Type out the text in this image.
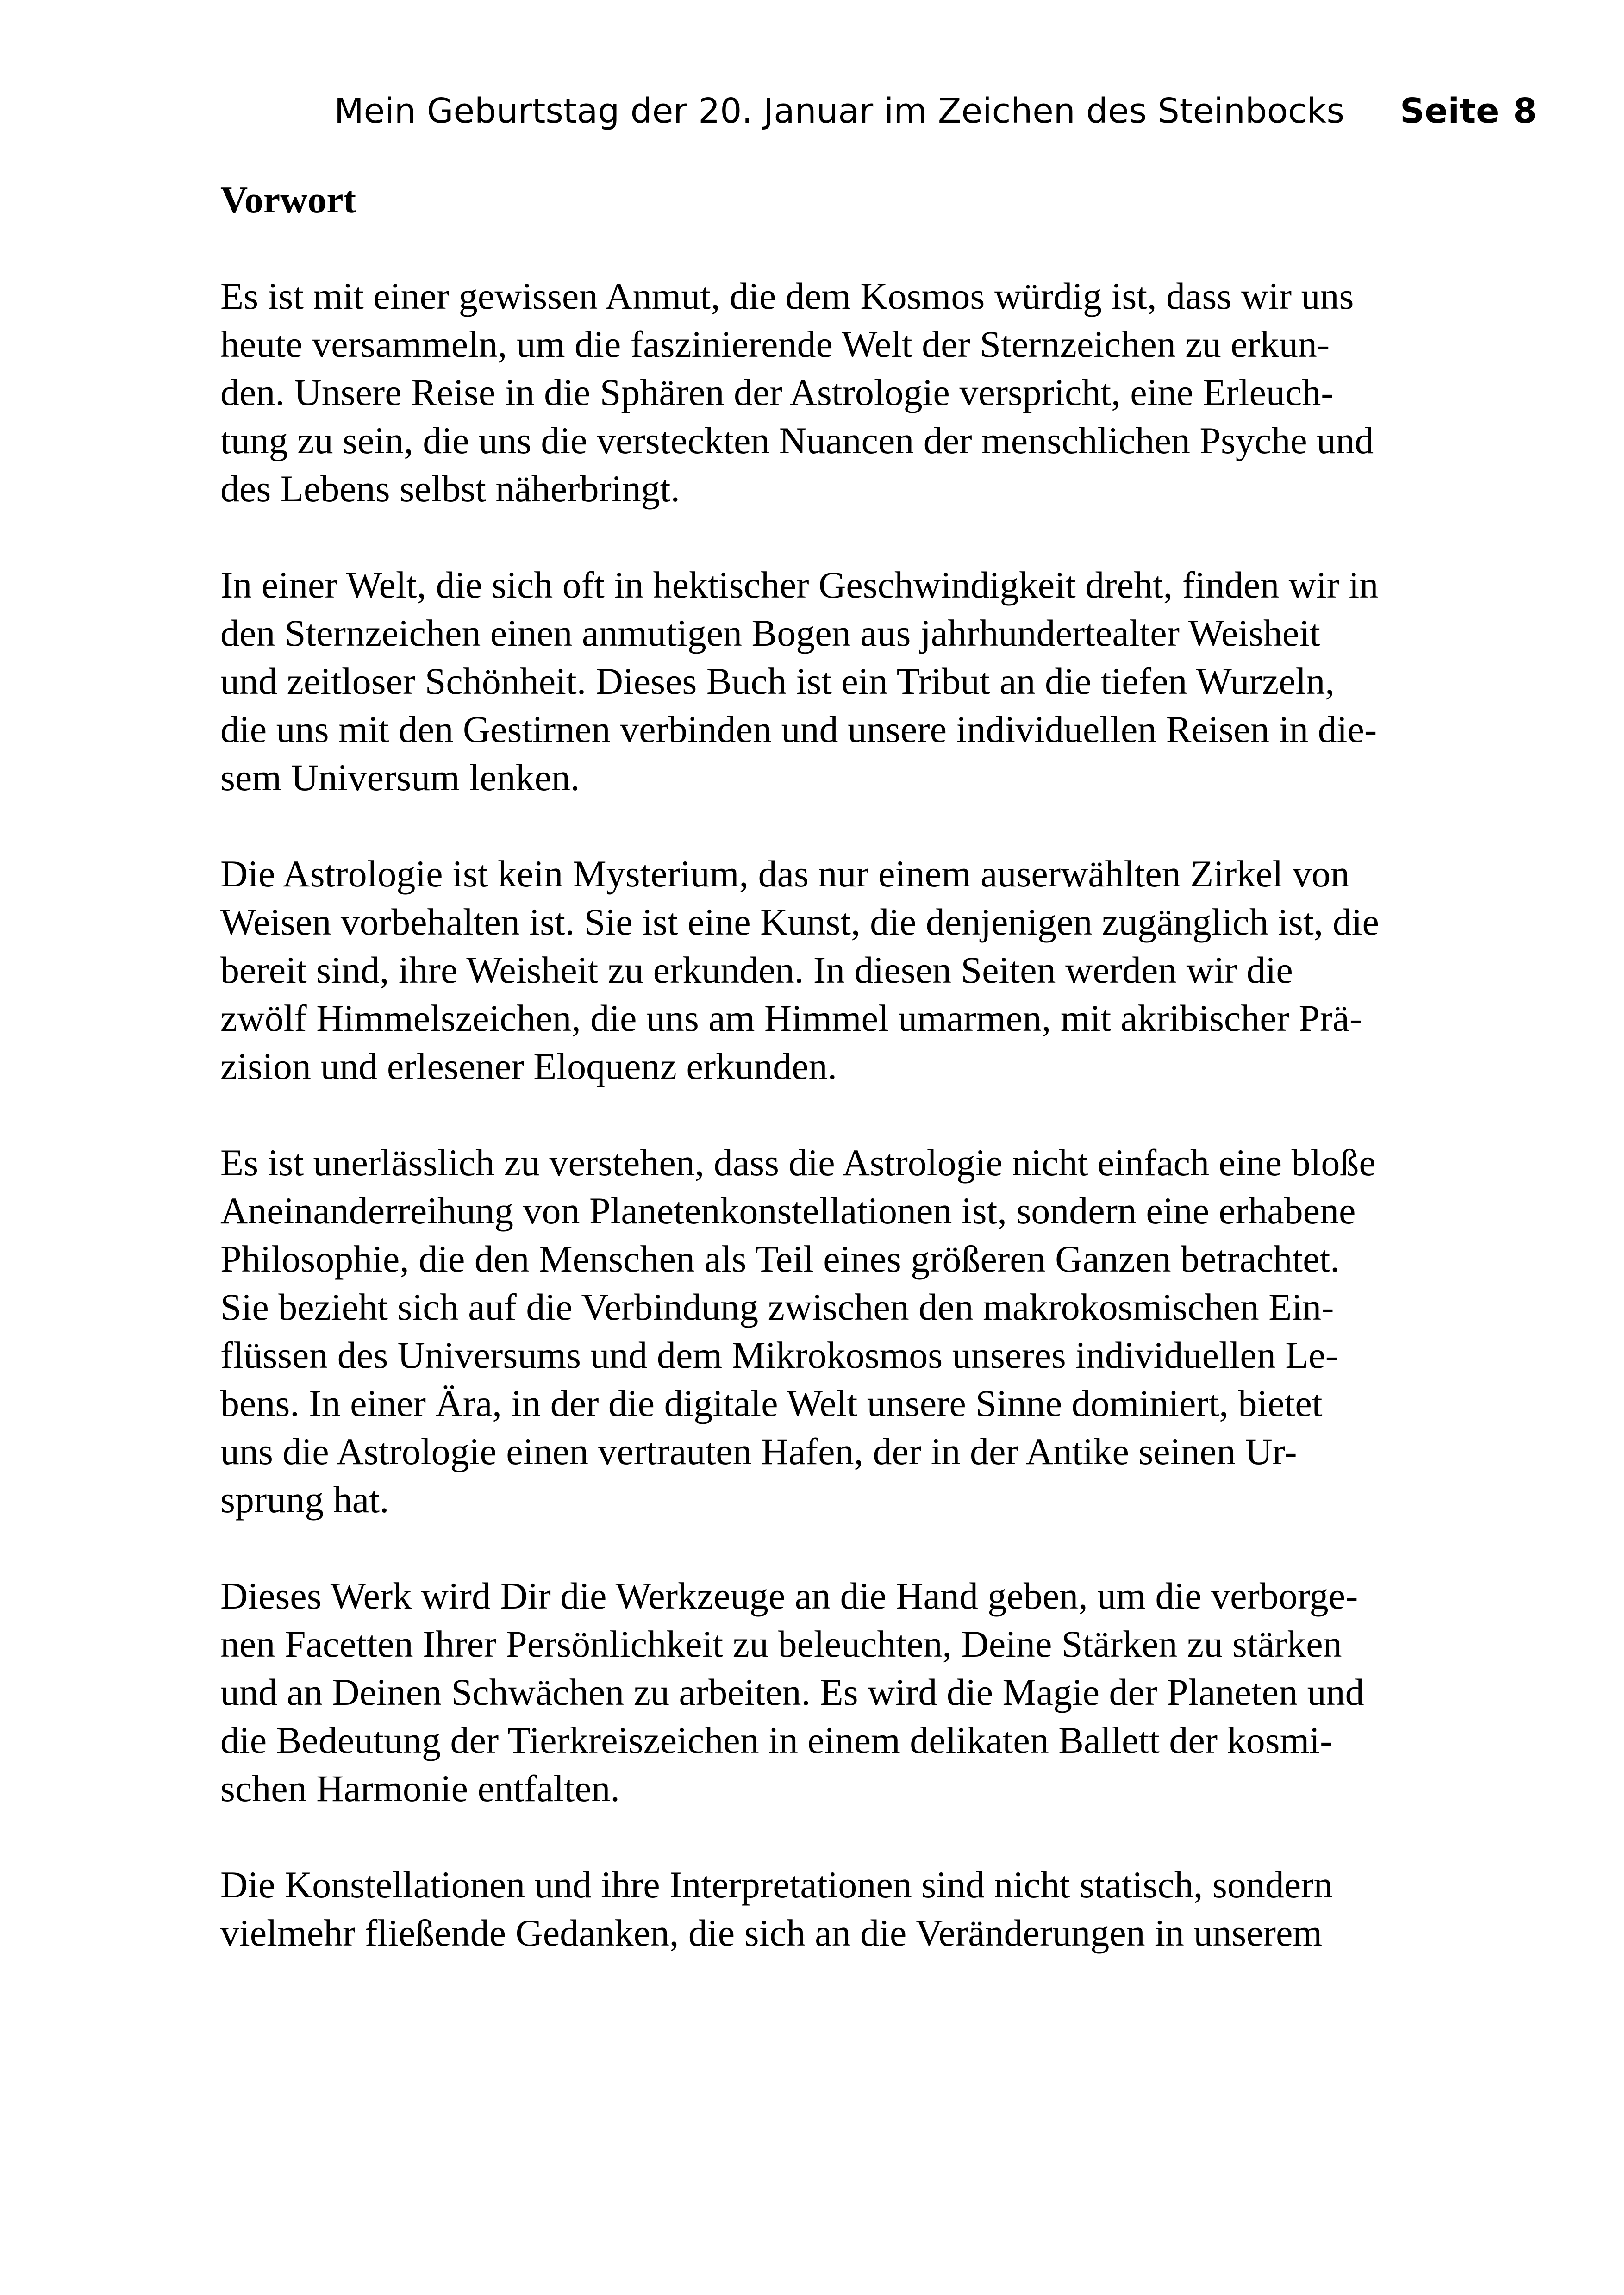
Mein Geburtstag der 20. Januar im Zeichen des Steinbocks Seite 8
Vorwort
Es ist mit einer gewissen Anmut, die dem Kosmos würdig ist, dass wir uns
heute versammeln, um die faszinierende Welt der Sternzeichen zu erkun-
den. Unsere Reise in die Sphären der Astrologie verspricht, eine Erleuch-
tung zu sein, die uns die versteckten Nuancen der menschlichen Psyche und
des Lebens selbst näherbringt.
In einer Welt, die sich oft in hektischer Geschwindigkeit dreht, finden wir in
den Sternzeichen einen anmutigen Bogen aus jahrhundertealter Weisheit
und zeitloser Schönheit. Dieses Buch ist ein Tribut an die tiefen Wurzeln,
die uns mit den Gestirnen verbinden und unsere individuellen Reisen in die-
sem Universum lenken.
Die Astrologie ist kein Mysterium, das nur einem auserwählten Zirkel von
Weisen vorbehalten ist. Sie ist eine Kunst, die denjenigen zugänglich ist, die
bereit sind, ihre Weisheit zu erkunden. In diesen Seiten werden wir die
zwölf Himmelszeichen, die uns am Himmel umarmen, mit akribischer Prä-
zision und erlesener Eloquenz erkunden.
Es ist unerlässlich zu verstehen, dass die Astrologie nicht einfach eine bloße
Aneinanderreihung von Planetenkonstellationen ist, sondern eine erhabene
Philosophie, die den Menschen als Teil eines größeren Ganzen betrachtet.
Sie bezieht sich auf die Verbindung zwischen den makrokosmischen Ein-
flüssen des Universums und dem Mikrokosmos unseres individuellen Le-
bens. In einer Ära, in der die digitale Welt unsere Sinne dominiert, bietet
uns die Astrologie einen vertrauten Hafen, der in der Antike seinen Ur-
sprung hat.
Dieses Werk wird Dir die Werkzeuge an die Hand geben, um die verborge-
nen Facetten Ihrer Persönlichkeit zu beleuchten, Deine Stärken zu stärken
und an Deinen Schwächen zu arbeiten. Es wird die Magie der Planeten und
die Bedeutung der Tierkreiszeichen in einem delikaten Ballett der kosmi-
schen Harmonie entfalten.
Die Konstellationen und ihre Interpretationen sind nicht statisch, sondern
vielmehr fließende Gedanken, die sich an die Veränderungen in unserem
